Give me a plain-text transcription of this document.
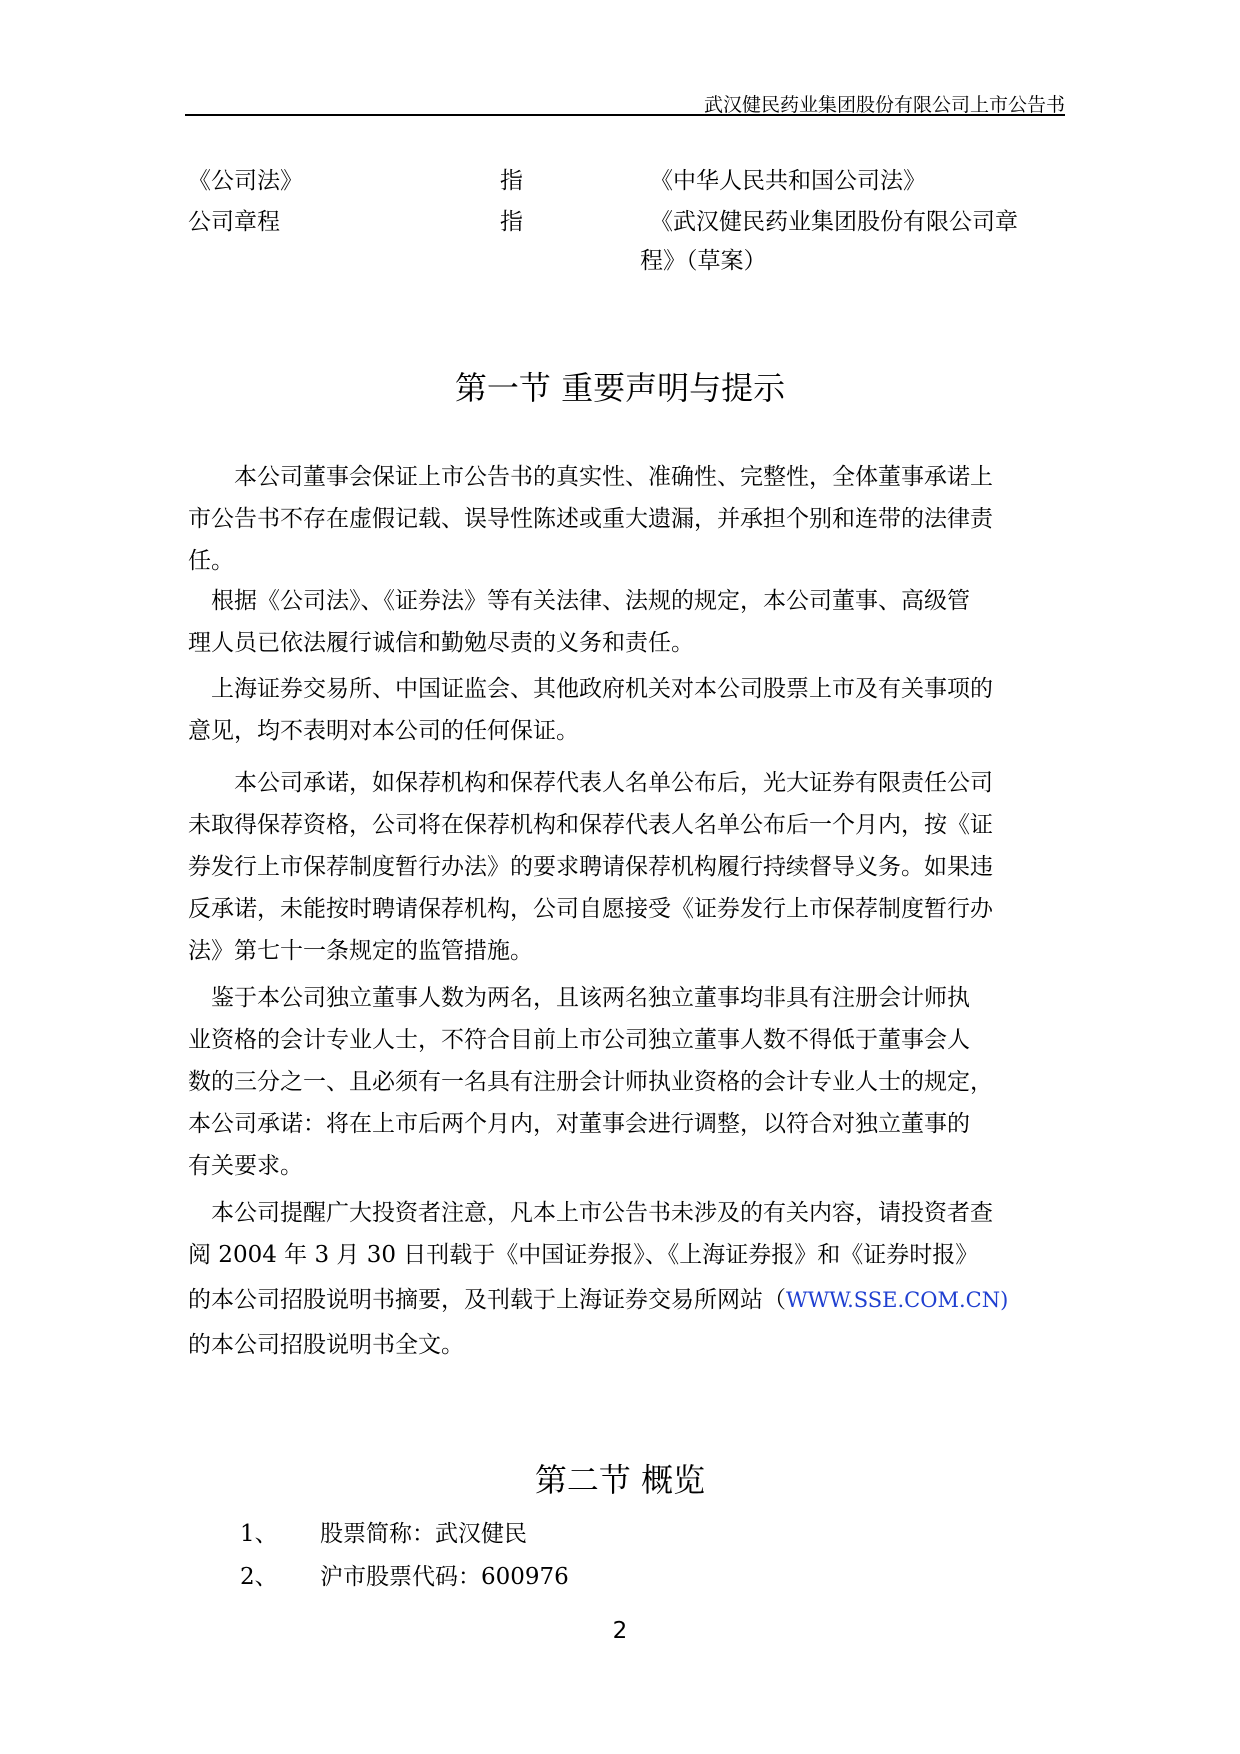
武汉健民药业集团股份有限公司上市公告书
《公司法》	指	《中华人民共和国公司法》
公司章程	指	《武汉健民药业集团股份有限公司章
程》（草案）
第一节 重要声明与提示
　　本公司董事会保证上市公告书的真实性、准确性、完整性，全体董事承诺上
市公告书不存在虚假记载、误导性陈述或重大遗漏，并承担个别和连带的法律责
任。
　根据《公司法》、《证券法》等有关法律、法规的规定，本公司董事、高级管
理人员已依法履行诚信和勤勉尽责的义务和责任。
　上海证券交易所、中国证监会、其他政府机关对本公司股票上市及有关事项的
意见，均不表明对本公司的任何保证。
　　本公司承诺，如保荐机构和保荐代表人名单公布后，光大证券有限责任公司
未取得保荐资格，公司将在保荐机构和保荐代表人名单公布后一个月内，按《证
券发行上市保荐制度暂行办法》的要求聘请保荐机构履行持续督导义务。如果违
反承诺，未能按时聘请保荐机构，公司自愿接受《证券发行上市保荐制度暂行办
法》第七十一条规定的监管措施。
　鉴于本公司独立董事人数为两名，且该两名独立董事均非具有注册会计师执
业资格的会计专业人士，不符合目前上市公司独立董事人数不得低于董事会人
数的三分之一、且必须有一名具有注册会计师执业资格的会计专业人士的规定，
本公司承诺：将在上市后两个月内，对董事会进行调整，以符合对独立董事的
有关要求。
　本公司提醒广大投资者注意，凡本上市公告书未涉及的有关内容，请投资者查
阅 2004 年 3 月 30 日刊载于《中国证券报》、《上海证券报》和《证券时报》
的本公司招股说明书摘要，及刊载于上海证券交易所网站（WWW.SSE.COM.CN)
的本公司招股说明书全文。
第二节 概览
1、 股票简称：武汉健民
2、 沪市股票代码：600976
2
